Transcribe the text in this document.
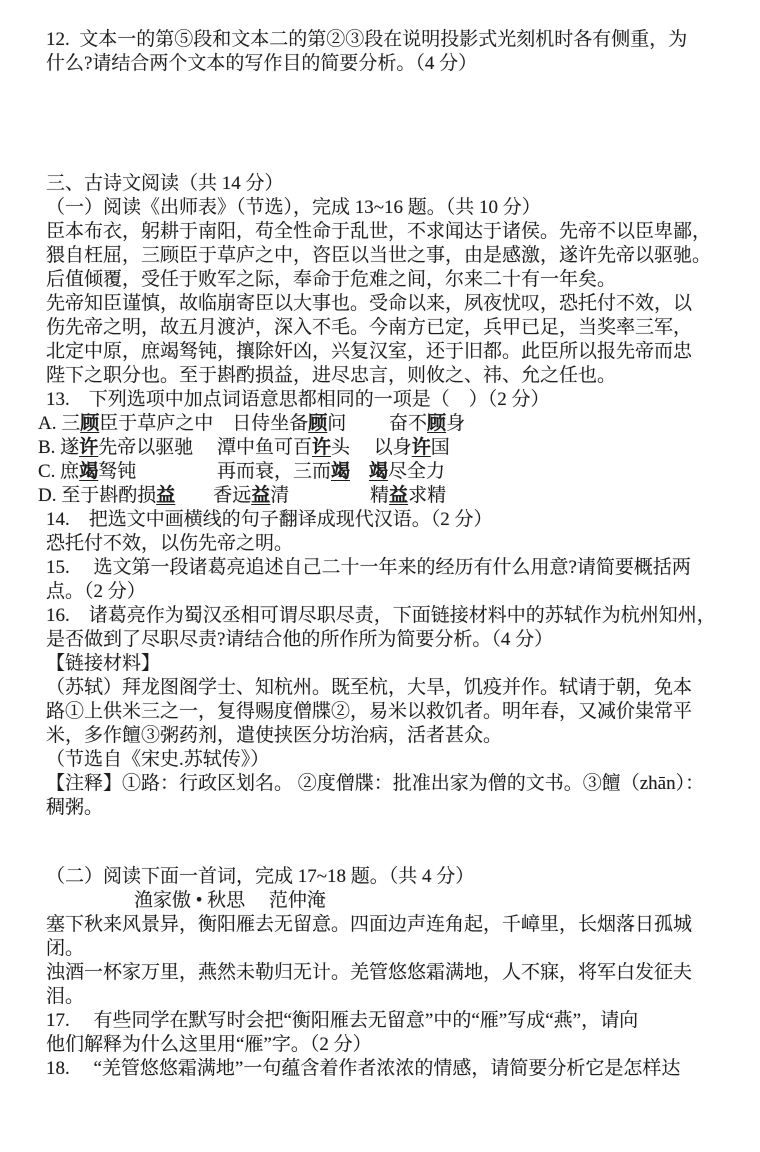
12.  文本一的第⑤段和文本二的第②③段在说明投影式光刻机时各有侧重，为
什么?请结合两个文本的写作目的简要分析。（4 分）
三、古诗文阅读（共 14 分）
（一）阅读《出师表》（节选），完成 13~16 题。（共 10 分）
臣本布衣，躬耕于南阳，苟全性命于乱世，不求闻达于诸侯。先帝不以臣卑鄙，
猥自枉屈，三顾臣于草庐之中，咨臣以当世之事，由是感激，遂许先帝以驱驰。
后值倾覆，受任于败军之际，奉命于危难之间，尔来二十有一年矣。
先帝知臣谨慎，故临崩寄臣以大事也。受命以来，夙夜忧叹，恐托付不效，以
伤先帝之明，故五月渡泸，深入不毛。今南方已定，兵甲已足，当奖率三军，
北定中原，庶竭驽钝，攘除奸凶，兴复汉室，还于旧都。此臣所以报先帝而忠
陛下之职分也。至于斟酌损益，进尽忠言，则攸之、祎、允之任也。
13.　下列选项中加点词语意思都相同的一项是（　）（2 分）
A. 三顾臣于草庐之中　日侍坐备顾问　　 奋不顾身
B. 遂许先帝以驱驰　 潭中鱼可百许头　 以身许国
C. 庶竭驽钝　　　　 再而衰，三而竭　 竭尽全力
D. 至于斟酌损益　　香远益清　　　　 精益求精
14.　把选文中画横线的句子翻译成现代汉语。（2 分）
恐托付不效，以伤先帝之明。
15.　 选文第一段诸葛亮追述自己二十一年来的经历有什么用意?请简要概括两
点。（2 分）
16.　诸葛亮作为蜀汉丞相可谓尽职尽责，下面链接材料中的苏轼作为杭州知州，
是否做到了尽职尽责?请结合他的所作所为简要分析。（4 分）
【链接材料】
（苏轼）拜龙图阁学士、知杭州。既至杭，大旱，饥疫并作。轼请于朝，免本
路①上供米三之一，复得赐度僧牒②，易米以救饥者。明年春，又减价粜常平
米，多作饘③粥药剂，遣使挟医分坊治病，活者甚众。
（节选自《宋史.苏轼传》）
【注释】①路：行政区划名。 ②度僧牒：批准出家为僧的文书。③饘（zhān）：
稠粥。
（二）阅读下面一首词，完成 17~18 题。（共 4 分）
渔家傲 • 秋思　 范仲淹
塞下秋来风景异，衡阳雁去无留意。四面边声连角起，千嶂里，长烟落日孤城
闭。
浊酒一杯家万里，燕然未勒归无计。羌管悠悠霜满地，人不寐，将军白发征夫
泪。
17.　 有些同学在默写时会把“衡阳雁去无留意”中的“雁”写成“燕”，请向
他们解释为什么这里用“雁”字。（2 分）
18.　 “羌管悠悠霜满地”一句蕴含着作者浓浓的情感，请简要分析它是怎样达
